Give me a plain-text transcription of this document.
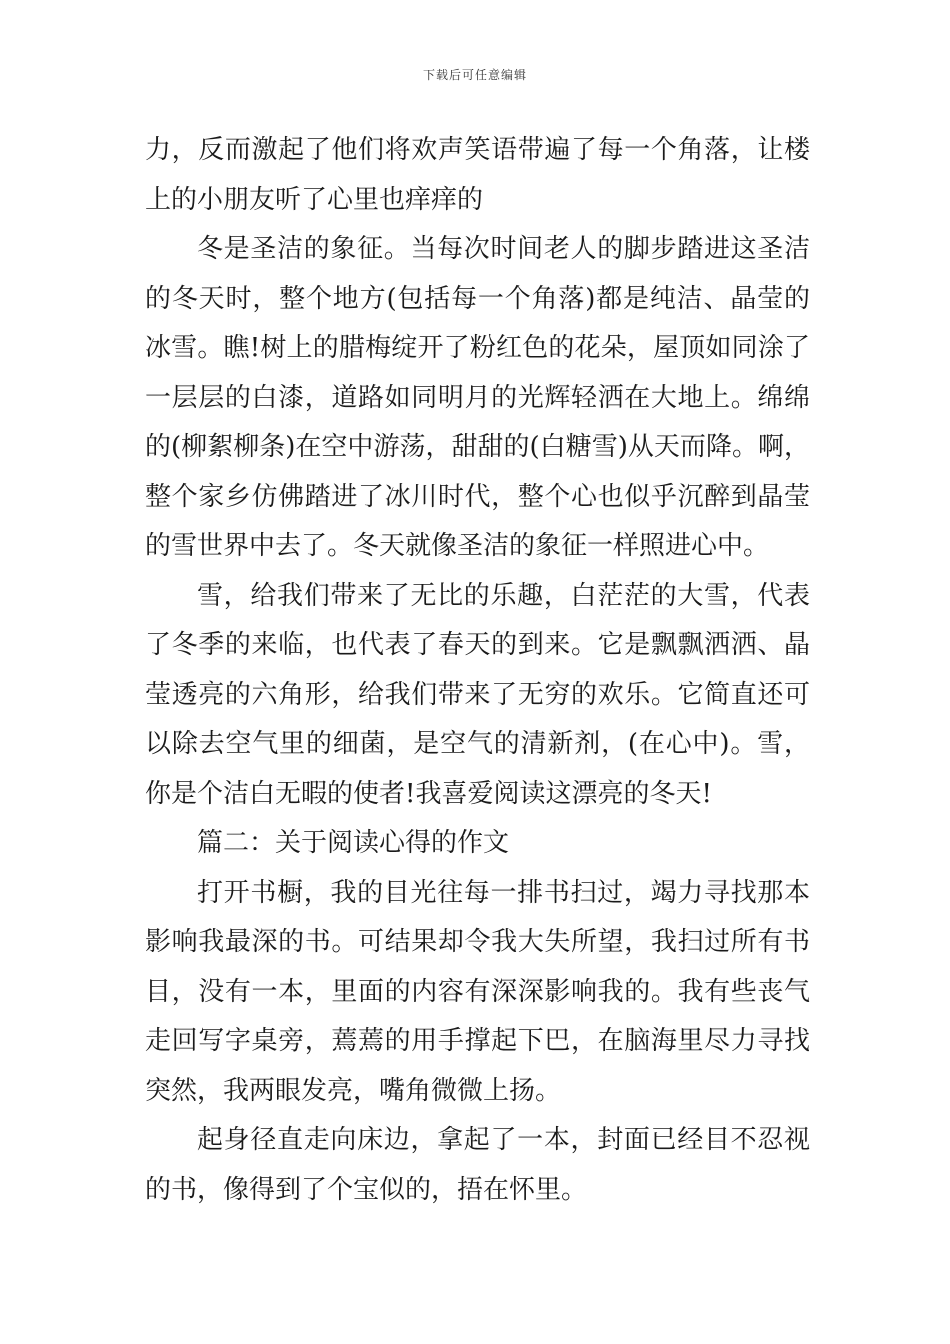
下载后可任意编辑

力，反而激起了他们将欢声笑语带遍了每一个角落，让楼上的小朋友听了心里也痒痒的

冬是圣洁的象征。当每次时间老人的脚步踏进这圣洁的冬天时，整个地方(包括每一个角落)都是纯洁、晶莹的冰雪。瞧!树上的腊梅绽开了粉红色的花朵，屋顶如同涂了一层层的白漆，道路如同明月的光辉轻洒在大地上。绵绵的(柳絮柳条)在空中游荡，甜甜的(白糖雪)从天而降。啊，整个家乡仿佛踏进了冰川时代，整个心也似乎沉醉到晶莹的雪世界中去了。冬天就像圣洁的象征一样照进心中。

雪，给我们带来了无比的乐趣，白茫茫的大雪，代表了冬季的来临，也代表了春天的到来。它是飘飘洒洒、晶莹透亮的六角形，给我们带来了无穷的欢乐。它简直还可以除去空气里的细菌，是空气的清新剂，(在心中)。雪，你是个洁白无暇的使者!我喜爱阅读这漂亮的冬天!

篇二：关于阅读心得的作文

打开书橱，我的目光往每一排书扫过，竭力寻找那本影响我最深的书。可结果却令我大失所望，我扫过所有书目，没有一本，里面的内容有深深影响我的。我有些丧气走回写字桌旁，蔫蔫的用手撑起下巴，在脑海里尽力寻找突然，我两眼发亮，嘴角微微上扬。

起身径直走向床边，拿起了一本，封面已经目不忍视的书，像得到了个宝似的，捂在怀里。
